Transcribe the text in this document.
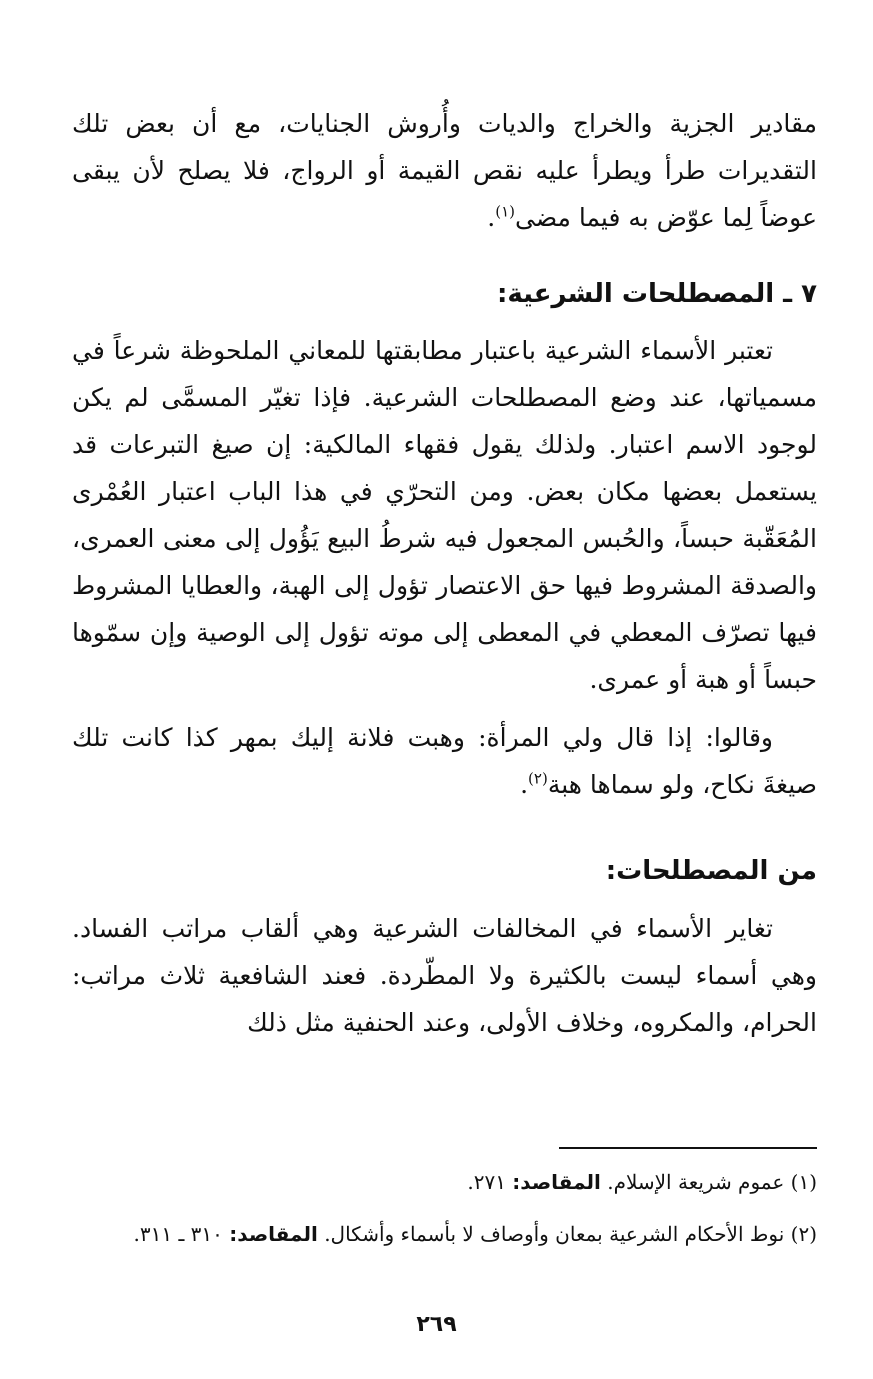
مقادير الجزية والخراج والديات وأُروش الجنايات، مع أن بعض تلك التقديرات طرأ ويطرأ عليه نقص القيمة أو الرواج، فلا يصلح لأن يبقى عوضاً لِما عوّض به فيما مضى$^{(١)}$.

٧ ـ المصطلحات الشرعية:

تعتبر الأسماء الشرعية باعتبار مطابقتها للمعاني الملحوظة شرعاً في مسمياتها، عند وضع المصطلحات الشرعية. فإذا تغيّر المسمَّى لم يكن لوجود الاسم اعتبار. ولذلك يقول فقهاء المالكية: إن صيغ التبرعات قد يستعمل بعضها مكان بعض. ومن التحرّي في هذا الباب اعتبار العُمْرى المُعَقّبة حبساً، والحُبس المجعول فيه شرطُ البيع يَؤُول إلى معنى العمرى، والصدقة المشروط فيها حق الاعتصار تؤول إلى الهبة، والعطايا المشروط فيها تصرّف المعطي في المعطى إلى موته تؤول إلى الوصية وإن سمّوها حبساً أو هبة أو عمرى.

وقالوا: إذا قال ولي المرأة: وهبت فلانة إليك بمهر كذا كانت تلك صيغةَ نكاح، ولو سماها هبة$^{(٢)}$.

من المصطلحات:

تغاير الأسماء في المخالفات الشرعية وهي ألقاب مراتب الفساد. وهي أسماء ليست بالكثيرة ولا المطّردة. فعند الشافعية ثلاث مراتب: الحرام، والمكروه، وخلاف الأولى، وعند الحنفية مثل ذلك

(١) عموم شريعة الإسلام. المقاصد: ٢٧١.

(٢) نوط الأحكام الشرعية بمعان وأوصاف لا بأسماء وأشكال. المقاصد: ٣١٠ ـ ٣١١.

٢٦٩
